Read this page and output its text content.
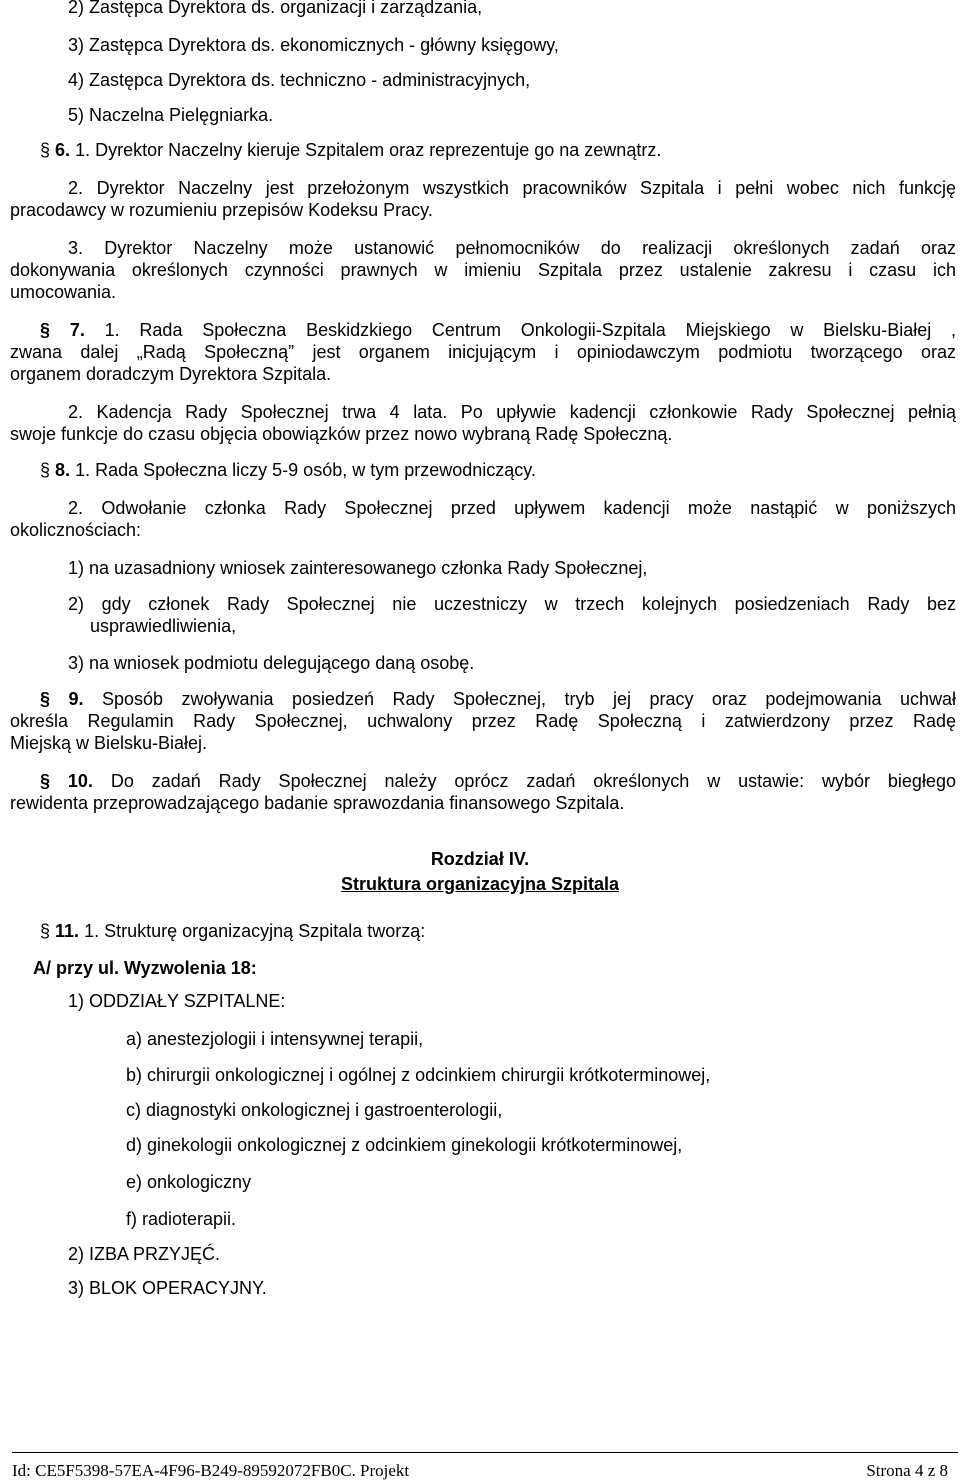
2) Zastępca Dyrektora ds. organizacji i zarządzania,
3) Zastępca Dyrektora ds. ekonomicznych - główny księgowy,
4) Zastępca Dyrektora ds. techniczno - administracyjnych,
5) Naczelna Pielęgniarka.
§ 6. 1. Dyrektor Naczelny kieruje Szpitalem oraz reprezentuje go na zewnątrz.
2. Dyrektor Naczelny jest przełożonym wszystkich pracowników Szpitala i pełni wobec nich funkcję
pracodawcy w rozumieniu przepisów Kodeksu Pracy.
3. Dyrektor Naczelny może ustanowić pełnomocników do realizacji określonych zadań oraz
dokonywania określonych czynności prawnych w imieniu Szpitala przez ustalenie zakresu i czasu ich
umocowania.
§ 7. 1. Rada Społeczna Beskidzkiego Centrum Onkologii-Szpitala Miejskiego w Bielsku-Białej ,
zwana dalej „Radą Społeczną” jest organem inicjującym i opiniodawczym podmiotu tworzącego oraz
organem doradczym Dyrektora Szpitala.
2. Kadencja Rady Społecznej trwa 4 lata. Po upływie kadencji członkowie Rady Społecznej pełnią
swoje funkcje do czasu objęcia obowiązków przez nowo wybraną Radę Społeczną.
§ 8. 1. Rada Społeczna liczy 5-9 osób, w tym przewodniczący.
2. Odwołanie członka Rady Społecznej przed upływem kadencji może nastąpić w poniższych
okolicznościach:
1) na uzasadniony wniosek zainteresowanego członka Rady Społecznej,
2) gdy członek Rady Społecznej nie uczestniczy w trzech kolejnych posiedzeniach Rady bez
usprawiedliwienia,
3) na wniosek podmiotu delegującego daną osobę.
§ 9. Sposób zwoływania posiedzeń Rady Społecznej, tryb jej pracy oraz podejmowania uchwał
określa Regulamin Rady Społecznej, uchwalony przez Radę Społeczną i zatwierdzony przez Radę
Miejską w Bielsku-Białej.
§ 10. Do zadań Rady Społecznej należy oprócz zadań określonych w ustawie: wybór biegłego
rewidenta przeprowadzającego badanie sprawozdania finansowego Szpitala.
Rozdział IV.
Struktura organizacyjna Szpitala
§ 11. 1. Strukturę organizacyjną Szpitala tworzą:
A/ przy ul. Wyzwolenia 18:
1) ODDZIAŁY SZPITALNE:
a) anestezjologii i intensywnej terapii,
b) chirurgii onkologicznej i ogólnej z odcinkiem chirurgii krótkoterminowej,
c) diagnostyki onkologicznej i gastroenterologii,
d) ginekologii onkologicznej z odcinkiem ginekologii krótkoterminowej,
e) onkologiczny
f) radioterapii.
2) IZBA PRZYJĘĆ.
3) BLOK OPERACYJNY.
Id: CE5F5398-57EA-4F96-B249-89592072FB0C. Projekt	Strona 4 z 8
